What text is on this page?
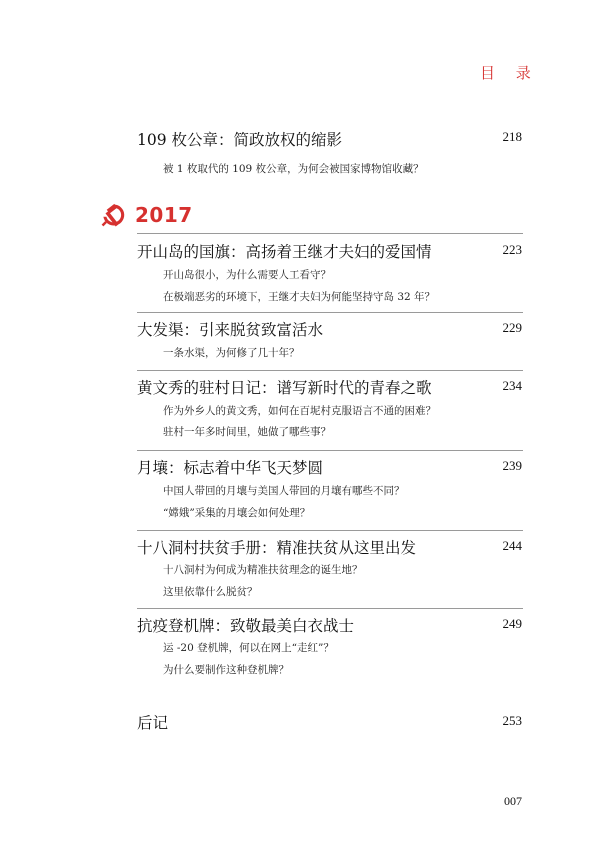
目 录
109 枚公章：简政放权的缩影	218
被 1 枚取代的 109 枚公章，为何会被国家博物馆收藏？
2017
开山岛的国旗：高扬着王继才夫妇的爱国情	223
开山岛很小，为什么需要人工看守？
在极端恶劣的环境下，王继才夫妇为何能坚持守岛 32 年？
大发渠：引来脱贫致富活水	229
一条水渠，为何修了几十年？
黄文秀的驻村日记：谱写新时代的青春之歌	234
作为外乡人的黄文秀，如何在百坭村克服语言不通的困难？
驻村一年多时间里，她做了哪些事？
月壤：标志着中华飞天梦圆	239
中国人带回的月壤与美国人带回的月壤有哪些不同？
“嫦娥”采集的月壤会如何处理？
十八洞村扶贫手册：精准扶贫从这里出发	244
十八洞村为何成为精准扶贫理念的诞生地？
这里依靠什么脱贫？
抗疫登机牌：致敬最美白衣战士	249
运 -20 登机牌，何以在网上“走红”？
为什么要制作这种登机牌？
后记	253
007
